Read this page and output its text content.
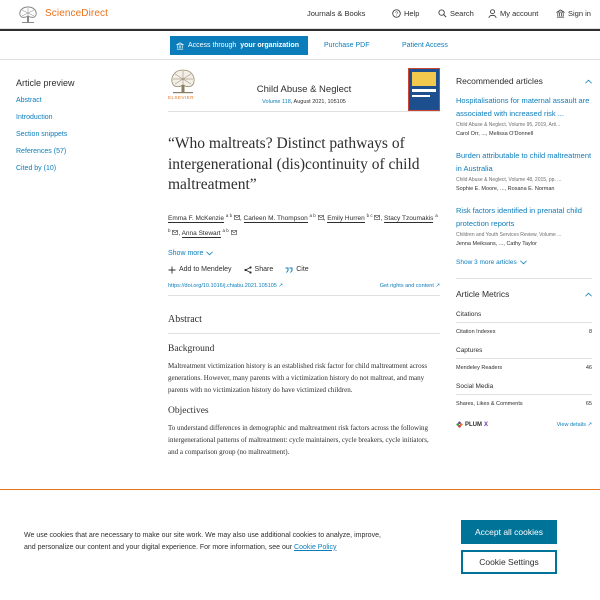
ScienceDirect	Journals & Books	? Help	Search	My account	Sign in
Access through your organization	Purchase PDF	Patient Access
Article preview
Abstract
Introduction
Section snippets
References (57)
Cited by (10)
ELSEVIER
Child Abuse & Neglect
Volume 118, August 2021, 105105
“Who maltreats? Distinct pathways of intergenerational (dis)continuity of child maltreatment”
Emma F. McKenzie $^{a b}$ , Carleen M. Thompson $^{a b}$ , Emily Hurren $^{b c}$ , Stacy Tzoumakis $^{a b}$ , Anna Stewart $^{a b}$
Show more
Add to Mendeley	Share	Cite
https://doi.org/10.1016/j.chiabu.2021.105105 ↗	Get rights and content ↗
Abstract
Background
Maltreatment victimization history is an established risk factor for child maltreatment across generations. However, many parents with a victimization history do not maltreat, and many parents with no victimization history do have victimized children.
Objectives
To understand differences in demographic and maltreatment risk factors across the following intergenerational patterns of maltreatment: cycle maintainers, cycle breakers, cycle initiators, and a comparison group (no maltreatment).
Recommended articles
Hospitalisations for maternal assault are associated with increased risk ...
Child Abuse & Neglect, Volume 95, 2019, Arti...
Carol Orr, ..., Melissa O'Donnell
Burden attributable to child maltreatment in Australia
Child Abuse & Neglect, Volume 48, 2015, pp. ...
Sophie E. Moore, ..., Rosana E. Norman
Risk factors identified in prenatal child protection reports
Children and Youth Services Review, Volume ...
Jenna Meiksans, ..., Cathy Taylor
Show 3 more articles
Article Metrics
Citations
Citation Indexes	8
Captures
Mendeley Readers	46
Social Media
Shares, Likes & Comments	65
PLUM X	View details ↗
We use cookies that are necessary to make our site work. We may also use additional cookies to analyze, improve, and personalize our content and your digital experience. For more information, see our Cookie Policy
Accept all cookies
Cookie Settings
